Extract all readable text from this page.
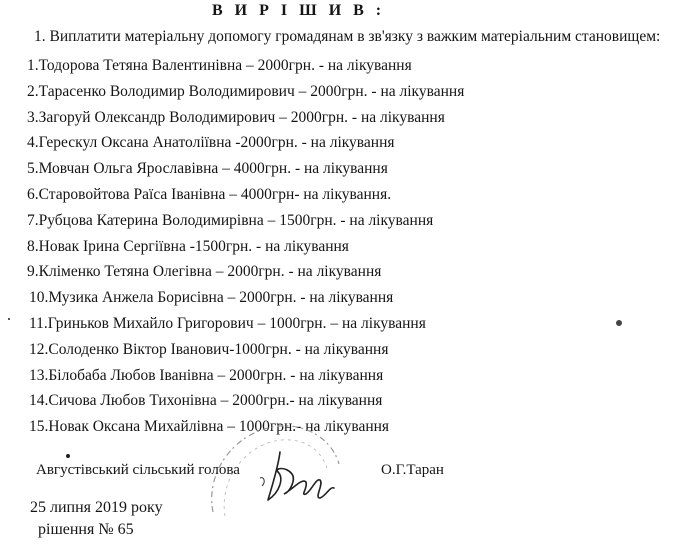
В И Р І Ш И В :
1. Виплатити матеріальну допомогу громадянам в зв'язку з важким матеріальним становищем:
1.Тодорова Тетяна Валентинівна – 2000грн. - на лікування
2.Тарасенко Володимир Володимирович – 2000грн. - на лікування
3.Загоруй Олександр Володимирович – 2000грн. - на лікування
4.Герескул Оксана Анатоліївна -2000грн. - на лікування
5.Мовчан Ольга Ярославівна – 4000грн. - на лікування
6.Старовойтова Раїса Іванівна – 4000грн- на лікування.
7.Рубцова Катерина Володимирівна – 1500грн. - на лікування
8.Новак Ірина Сергіївна -1500грн. - на лікування
9.Кліменко Тетяна Олегівна – 2000грн. - на лікування
10.Музика Анжела Борисівна – 2000грн. - на лікування
11.Гриньков Михайло Григорович – 1000грн. – на лікування
12.Солоденко Віктор Іванович-1000грн. - на лікування
13.Білобаба Любов Іванівна – 2000грн. - на лікування
14.Сичова Любов Тихонівна – 2000грн.- на лікування
15.Новак Оксана Михайлівна – 1000грн.- на лікування
Августівський сільський голова	О.Г.Таран
25 липня 2019 року
рішення № 65
